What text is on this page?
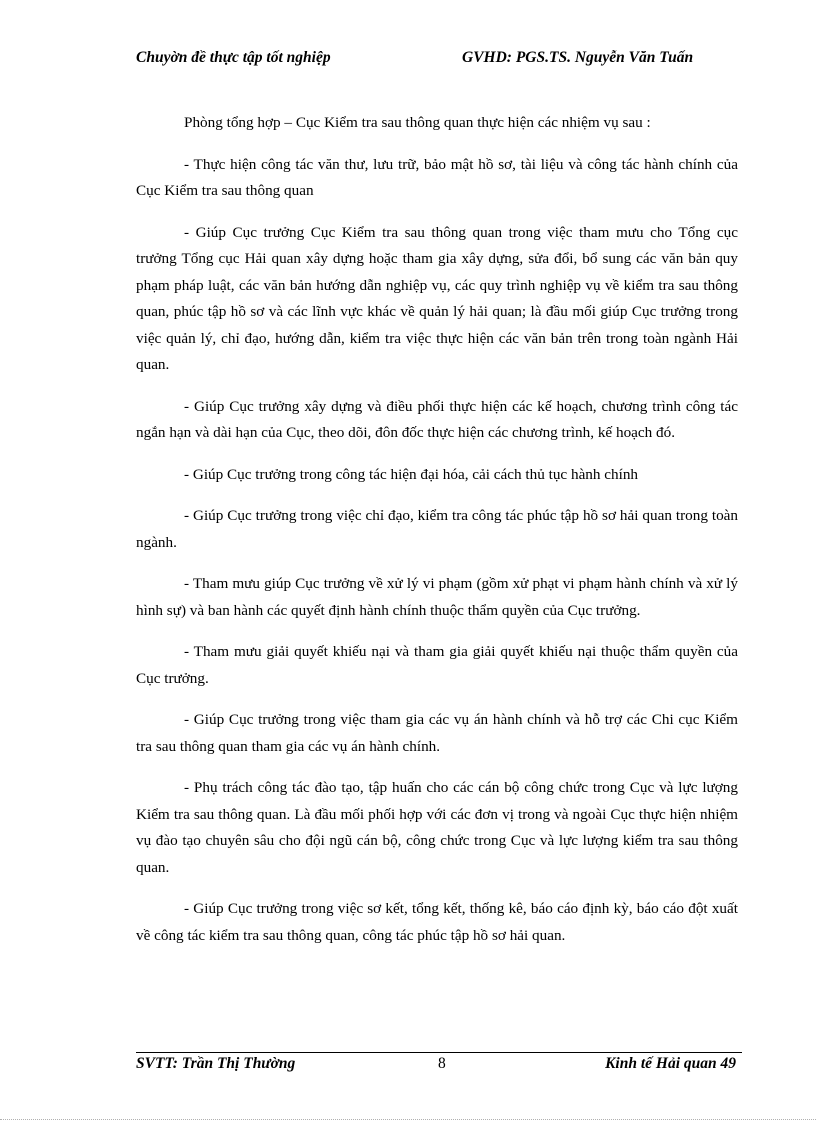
Chuyờn đề thực tập tốt nghiệp	GVHD: PGS.TS. Nguyễn Văn Tuấn

Phòng tổng hợp – Cục Kiểm tra sau thông quan thực hiện các nhiệm vụ sau :

- Thực hiện công tác văn thư, lưu trữ, bảo mật hồ sơ, tài liệu và công tác hành chính của Cục Kiểm tra sau thông quan

- Giúp Cục trưởng Cục Kiểm tra sau thông quan trong việc tham mưu cho Tổng cục trưởng Tổng cục Hải quan xây dựng hoặc tham gia xây dựng, sửa đổi, bổ sung các văn bản quy phạm pháp luật, các văn bản hướng dẫn nghiệp vụ, các quy trình nghiệp vụ về kiểm tra sau thông quan, phúc tập hồ sơ và các lĩnh vực khác về quản lý hải quan; là đầu mối giúp Cục trưởng trong việc quản lý, chỉ đạo, hướng dẫn, kiểm tra việc thực hiện các văn bản trên trong toàn ngành Hải quan.

- Giúp Cục trưởng xây dựng và điều phối thực hiện các kế hoạch, chương trình công tác ngắn hạn và dài hạn của Cục, theo dõi, đôn đốc thực hiện các chương trình, kế hoạch đó.

- Giúp Cục trưởng trong công tác hiện đại hóa, cải cách thủ tục hành chính

- Giúp Cục trưởng trong việc chỉ đạo, kiểm tra công tác phúc tập hồ sơ hải quan trong toàn ngành.

- Tham mưu giúp Cục trưởng về xử lý vi phạm (gồm xử phạt vi phạm hành chính và xử lý hình sự) và ban hành các quyết định hành chính thuộc thẩm quyền của Cục trưởng.

- Tham mưu giải quyết khiếu nại và tham gia giải quyết khiếu nại thuộc thẩm quyền của Cục trưởng.

- Giúp Cục trưởng trong việc tham gia các vụ án hành chính và hỗ trợ các Chi cục Kiểm tra sau thông quan tham gia các vụ án hành chính.

- Phụ trách công tác đào tạo, tập huấn cho các cán bộ công chức trong Cục và lực lượng Kiểm tra sau thông quan. Là đầu mối phối hợp với các đơn vị trong và ngoài Cục thực hiện nhiệm vụ đào tạo chuyên sâu cho đội ngũ cán bộ, công chức trong Cục và lực lượng kiểm tra sau thông quan.

- Giúp Cục trưởng trong việc sơ kết, tổng kết, thống kê, báo cáo định kỳ, báo cáo đột xuất về công tác kiểm tra sau thông quan, công tác phúc tập hồ sơ hải quan.

SVTT: Trần Thị Thường	8	Kinh tế Hải quan 49
